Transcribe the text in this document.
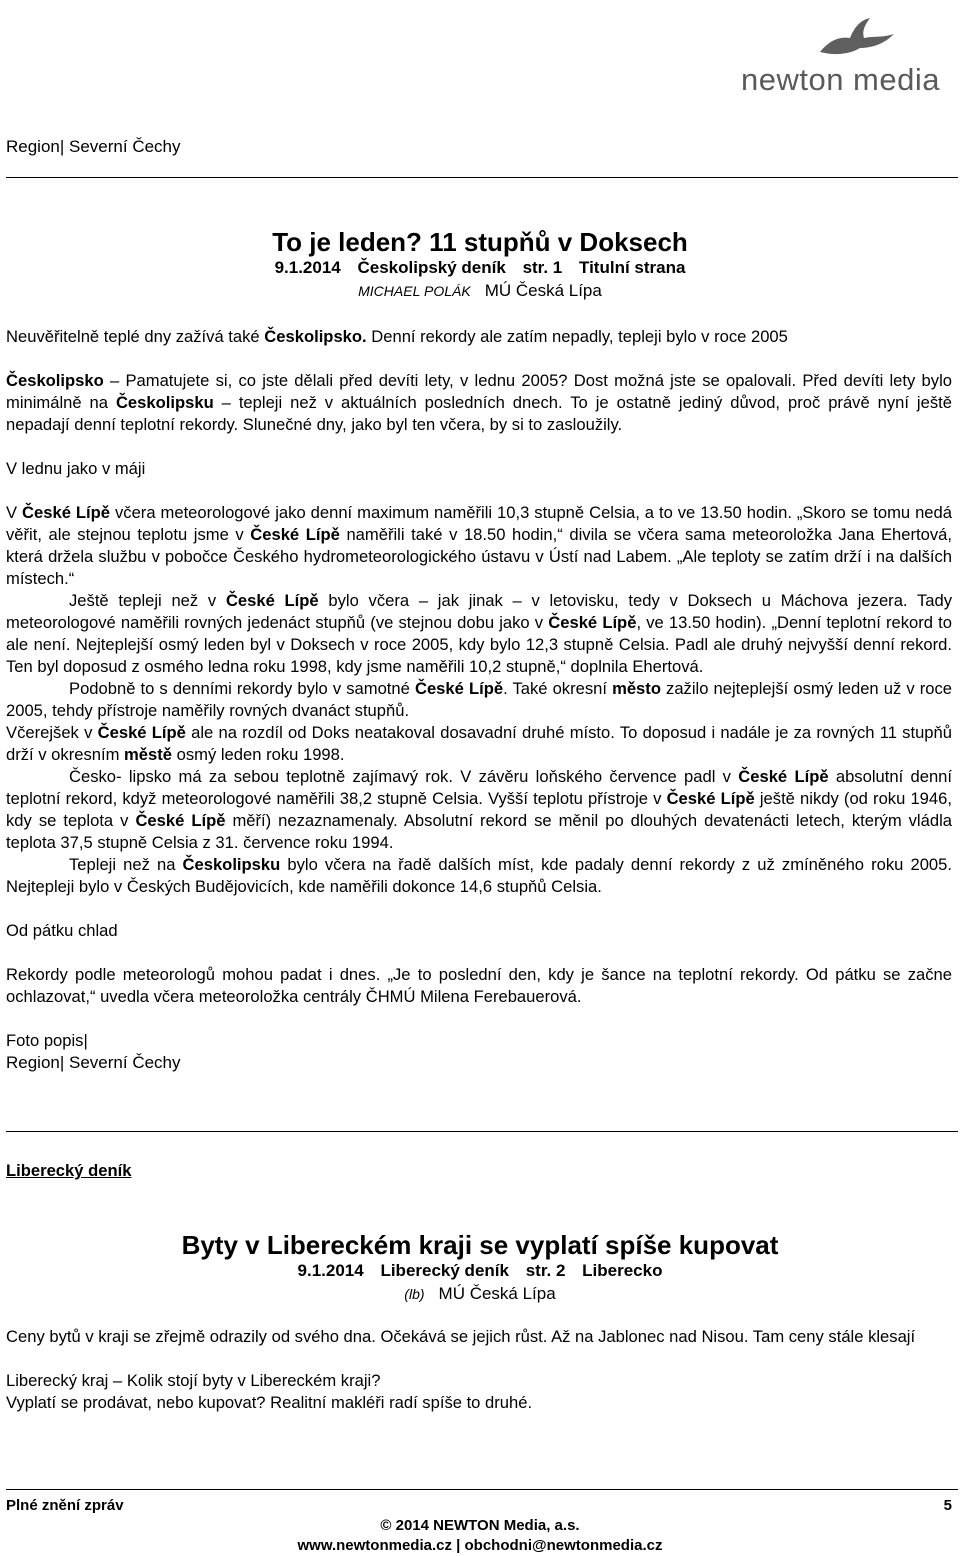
newton media
Region| Severní Čechy
To je leden? 11 stupňů v Doksech
9.1.2014 Českolipský deník str. 1 Titulní strana
MICHAEL POLÁK MÚ Česká Lípa

Neuvěřitelně teplé dny zažívá také Českolipsko. Denní rekordy ale zatím nepadly, tepleji bylo v roce 2005

Českolipsko – Pamatujete si, co jste dělali před devíti lety, v lednu 2005? Dost možná jste se opalovali. Před devíti lety bylo minimálně na Českolipsku – tepleji než v aktuálních posledních dnech. To je ostatně jediný důvod, proč právě nyní ještě nepadají denní teplotní rekordy. Slunečné dny, jako byl ten včera, by si to zasloužily.

V lednu jako v máji

V České Lípě včera meteorologové jako denní maximum naměřili 10,3 stupně Celsia, a to ve 13.50 hodin. „Skoro se tomu nedá věřit, ale stejnou teplotu jsme v České Lípě naměřili také v 18.50 hodin,“ divila se včera sama meteoroložka Jana Ehertová, která držela službu v pobočce Českého hydrometeorologického ústavu v Ústí nad Labem. „Ale teploty se zatím drží i na dalších místech.“

Ještě tepleji než v České Lípě bylo včera – jak jinak – v letovisku, tedy v Doksech u Máchova jezera. Tady meteorologové naměřili rovných jedenáct stupňů (ve stejnou dobu jako v České Lípě, ve 13.50 hodin). „Denní teplotní rekord to ale není. Nejteplejší osmý leden byl v Doksech v roce 2005, kdy bylo 12,3 stupně Celsia. Padl ale druhý nejvyšší denní rekord. Ten byl doposud z osmého ledna roku 1998, kdy jsme naměřili 10,2 stupně,“ doplnila Ehertová.

Podobně to s denními rekordy bylo v samotné České Lípě. Také okresní město zažilo nejteplejší osmý leden už v roce 2005, tehdy přístroje naměřily rovných dvanáct stupňů.

Včerejšek v České Lípě ale na rozdíl od Doks neatakoval dosavadní druhé místo. To doposud i nadále je za rovných 11 stupňů drží v okresním městě osmý leden roku 1998.

Česko- lipsko má za sebou teplotně zajímavý rok. V závěru loňského července padl v České Lípě absolutní denní teplotní rekord, když meteorologové naměřili 38,2 stupně Celsia. Vyšší teplotu přístroje v České Lípě ještě nikdy (od roku 1946, kdy se teplota v České Lípě měří) nezaznamenaly. Absolutní rekord se měnil po dlouhých devatenácti letech, kterým vládla teplota 37,5 stupně Celsia z 31. července roku 1994.

Tepleji než na Českolipsku bylo včera na řadě dalších míst, kde padaly denní rekordy z už zmíněného roku 2005. Nejtepleji bylo v Českých Budějovicích, kde naměřili dokonce 14,6 stupňů Celsia.

Od pátku chlad

Rekordy podle meteorologů mohou padat i dnes. „Je to poslední den, kdy je šance na teplotní rekordy. Od pátku se začne ochlazovat,“ uvedla včera meteoroložka centrály ČHMÚ Milena Ferebauerová.

Foto popis|

Region| Severní Čechy

Liberecký deník
Byty v Libereckém kraji se vyplatí spíše kupovat
9.1.2014 Liberecký deník str. 2 Liberecko
(lb) MÚ Česká Lípa

Ceny bytů v kraji se zřejmě odrazily od svého dna. Očekává se jejich růst. Až na Jablonec nad Nisou. Tam ceny stále klesají

Liberecký kraj – Kolik stojí byty v Libereckém kraji?

Vyplatí se prodávat, nebo kupovat? Realitní makléři radí spíše to druhé.

Plné znění zpráv	5
© 2014 NEWTON Media, a.s.
www.newtonmedia.cz | obchodni@newtonmedia.cz
